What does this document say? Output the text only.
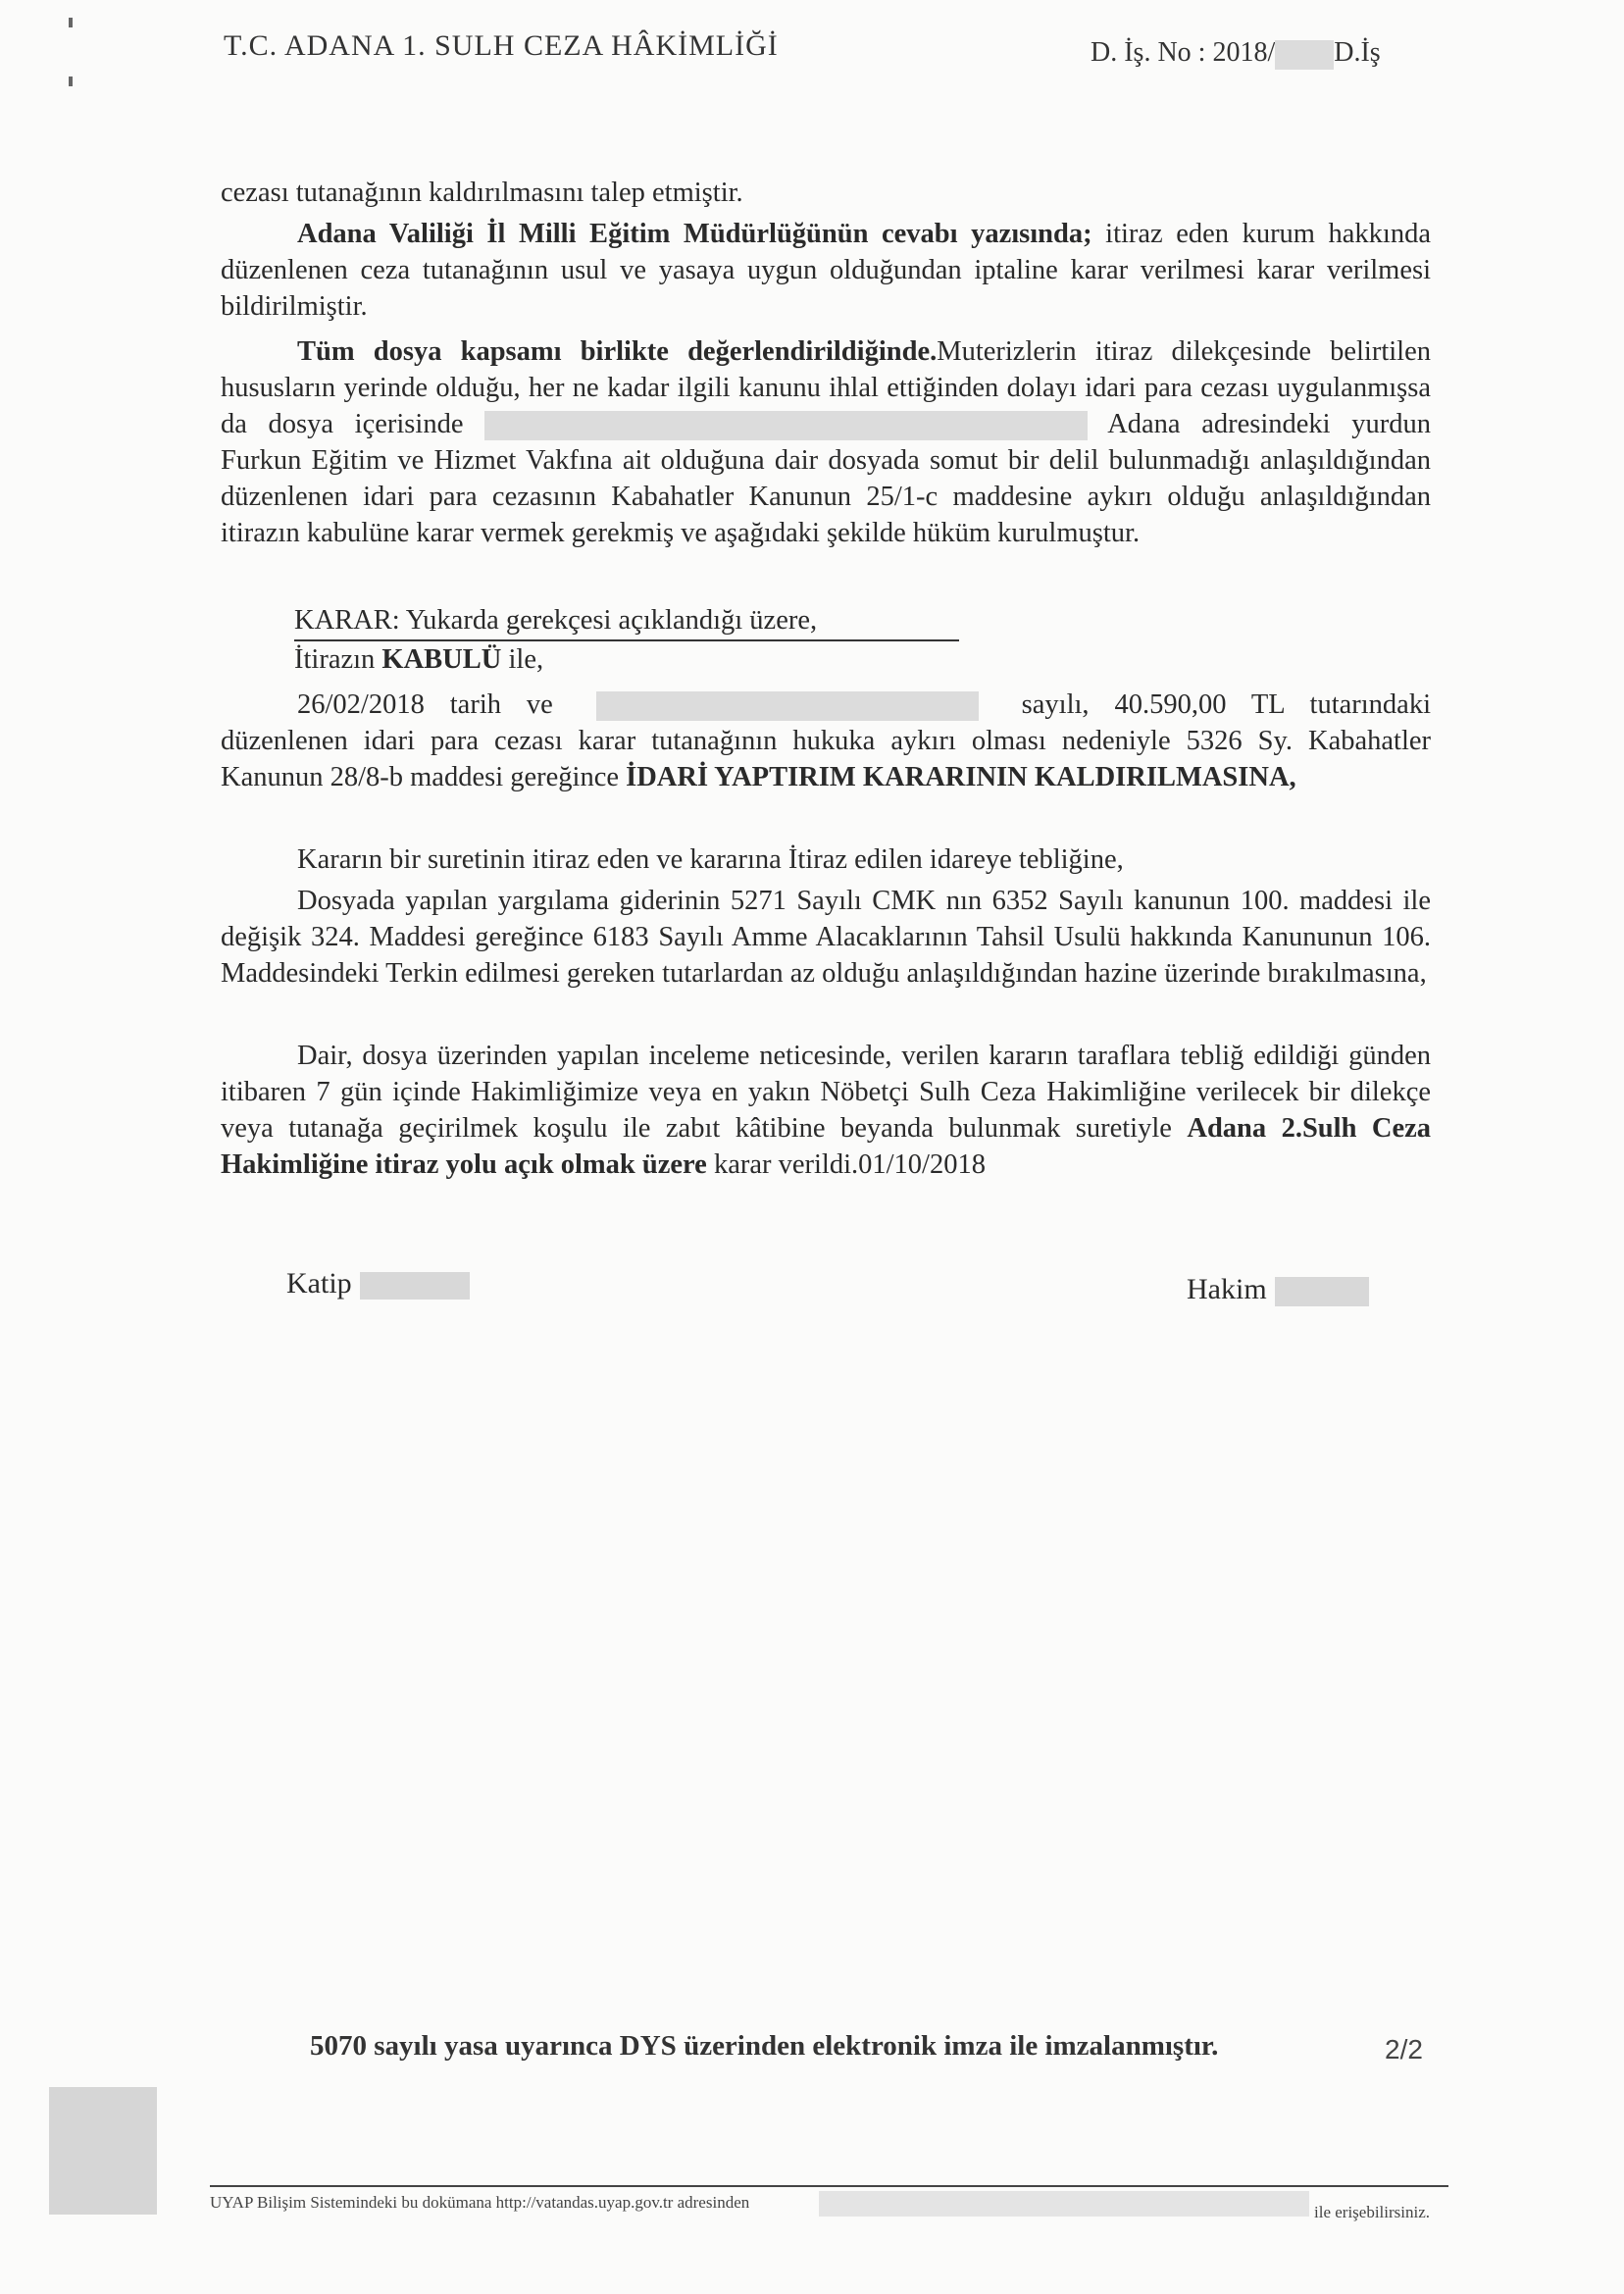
T.C. ADANA 1. SULH CEZA HÂKİMLİĞİ	D. İş. No : 2018/ D.İş

cezası tutanağının kaldırılmasını talep etmiştir.

Adana Valiliği İl Milli Eğitim Müdürlüğünün cevabı yazısında; itiraz eden kurum hakkında düzenlenen ceza tutanağının usul ve yasaya uygun olduğundan iptaline karar verilmesi karar verilmesi bildirilmiştir.

Tüm dosya kapsamı birlikte değerlendirildiğinde.Muterizlerin itiraz dilekçesinde belirtilen hususların yerinde olduğu, her ne kadar ilgili kanunu ihlal ettiğinden dolayı idari para cezası uygulanmışsa da dosya içerisinde	Adana adresindeki yurdun Furkun Eğitim ve Hizmet Vakfına ait olduğuna dair dosyada somut bir delil bulunmadığı anlaşıldığından düzenlenen idari para cezasının Kabahatler Kanunun 25/1-c maddesine aykırı olduğu anlaşıldığından itirazın kabulüne karar vermek gerekmiş ve aşağıdaki şekilde hüküm kurulmuştur.

KARAR: Yukarda gerekçesi açıklandığı üzere,

İtirazın KABULÜ ile,

26/02/2018 tarih ve	sayılı, 40.590,00 TL tutarındaki düzenlenen idari para cezası karar tutanağının hukuka aykırı olması nedeniyle 5326 Sy. Kabahatler Kanunun 28/8-b maddesi gereğince İDARİ YAPTIRIM KARARININ KALDIRILMASINA,

Kararın bir suretinin itiraz eden ve kararına İtiraz edilen idareye tebliğine,

Dosyada yapılan yargılama giderinin 5271 Sayılı CMK nın 6352 Sayılı kanunun 100. maddesi ile değişik 324. Maddesi gereğince 6183 Sayılı Amme Alacaklarının Tahsil Usulü hakkında Kanununun 106. Maddesindeki Terkin edilmesi gereken tutarlardan az olduğu anlaşıldığından hazine üzerinde bırakılmasına,

Dair, dosya üzerinden yapılan inceleme neticesinde, verilen kararın taraflara tebliğ edildiği günden itibaren 7 gün içinde Hakimliğimize veya en yakın Nöbetçi Sulh Ceza Hakimliğine verilecek bir dilekçe veya tutanağa geçirilmek koşulu ile zabıt kâtibine beyanda bulunmak suretiyle Adana 2.Sulh Ceza Hakimliğine itiraz yolu açık olmak üzere karar verildi.01/10/2018

Katip	Hakim
5070 sayılı yasa uyarınca DYS üzerinden elektronik imza ile imzalanmıştır.	2/2
UYAP Bilişim Sistemindeki bu dokümana http://vatandas.uyap.gov.tr adresinden
ile erişebilirsiniz.
